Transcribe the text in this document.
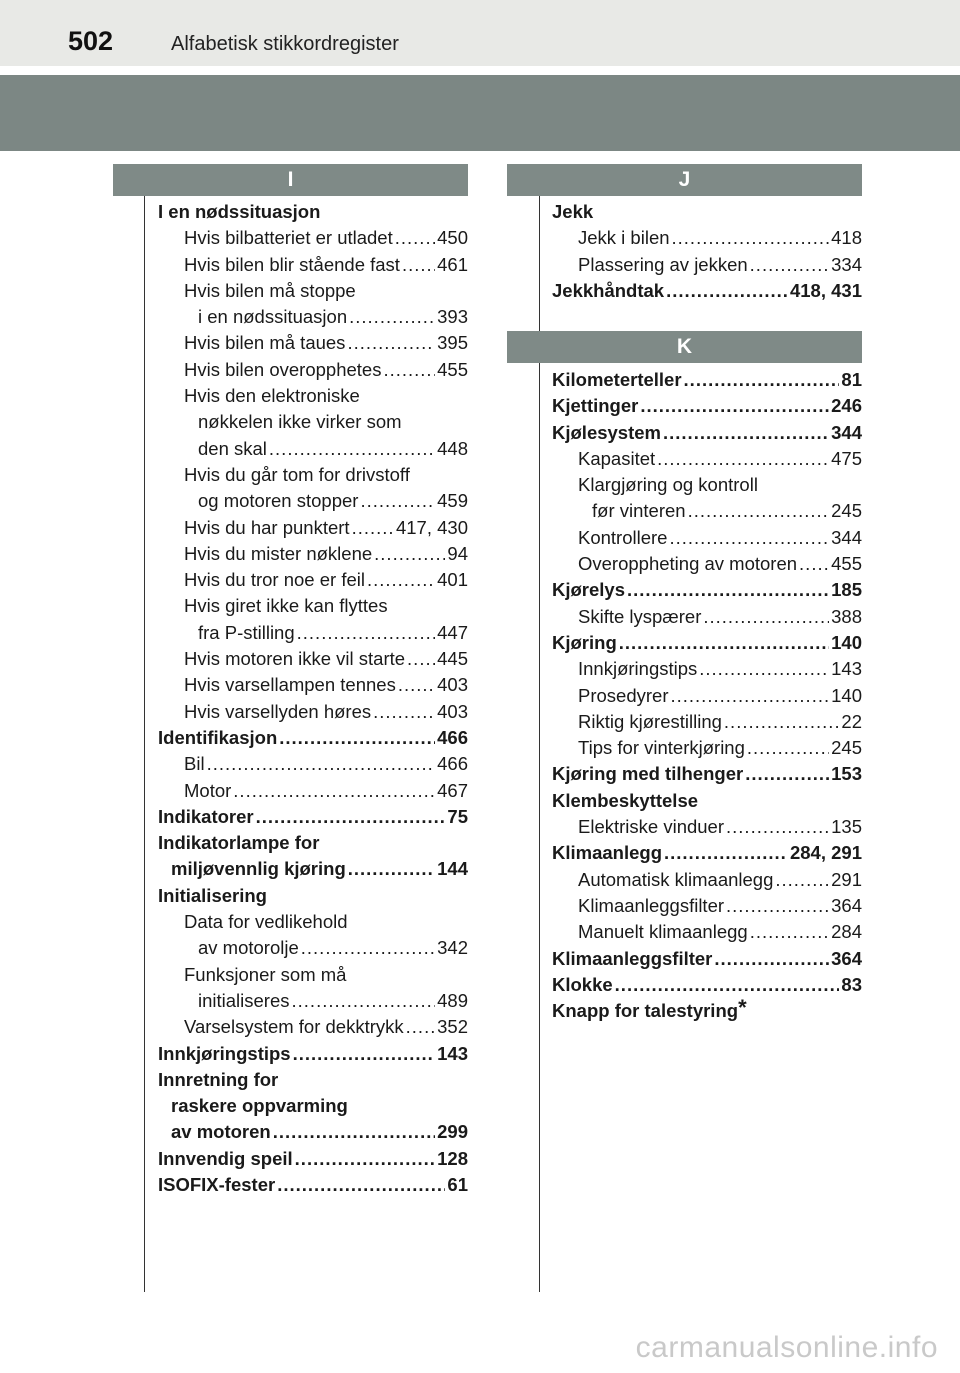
502	Alfabetisk stikkordregister
I	J
K
I en nødssituasjon
Hvis bilbatteriet er utladet ..... 450
Hvis bilen blir stående fast ..... 461
Hvis bilen må stoppe
i en nødssituasjon .....	393
Hvis bilen må taues .....	395
Hvis bilen overopphetes .....	455
Hvis den elektroniske
nøkkelen ikke virker som
den skal .....	448
Hvis du går tom for drivstoff
og motoren stopper .....	459
Hvis du har punktert .....	417, 430
Hvis du mister nøklene .....	94
Hvis du tror noe er feil .....	401
Hvis giret ikke kan flyttes
fra P-stilling .....	447
Hvis motoren ikke vil starte ..... 445
Hvis varsellampen tennes ..... 403
Hvis varsellyden høres .....	403
Identifikasjon .....	466
Bil .....	466
Motor .....	467
Indikatorer .....	75
Indikatorlampe for
miljøvennlig kjøring .....	144
Initialisering
Data for vedlikehold
av motorolje .....	342
Funksjoner som må
initialiseres .....	489
Varselsystem for dekktrykk ..... 352
Innkjøringstips .....	143
Innretning for
raskere oppvarming
av motoren .....	299
Innvendig speil .....	128
ISOFIX-fester .....	61
Jekk
Jekk i bilen .....	418
Plassering av jekken .....	334
Jekkhåndtak .....	418, 431
Kilometerteller .....	81
Kjettinger .....	246
Kjølesystem .....	344
Kapasitet .....	475
Klargjøring og kontroll
før vinteren .....	245
Kontrollere .....	344
Overoppheting av motoren ..... 455
Kjørelys .....	185
Skifte lyspærer .....	388
Kjøring .....	140
Innkjøringstips .....	143
Prosedyrer .....	140
Riktig kjørestilling .....	22
Tips for vinterkjøring .....	245
Kjøring med tilhenger .....	153
Klembeskyttelse
Elektriske vinduer .....	135
Klimaanlegg .....	284, 291
Automatisk klimaanlegg .....	291
Klimaanleggsfilter .....	364
Manuelt klimaanlegg .....	284
Klimaanleggsfilter .....	364
Klokke .....	83
Knapp for talestyring*
carmanualsonline.info
